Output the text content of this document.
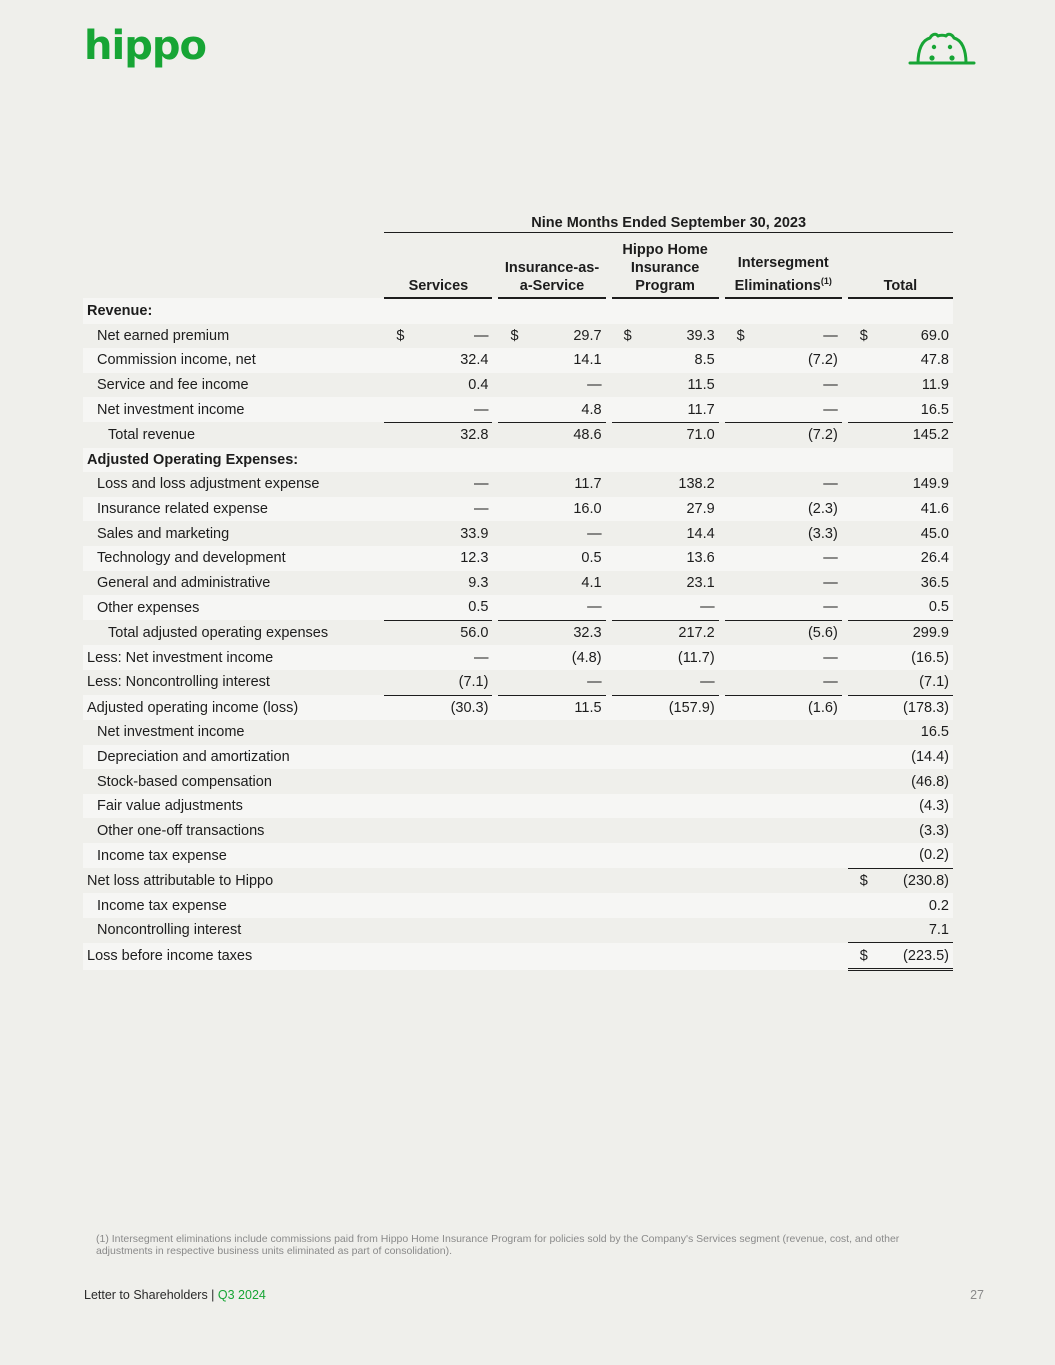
hippo
	Nine Months Ended September 30, 2023								
	Services		Insurance-as-a-Service		Hippo Home Insurance Program		Intersegment Eliminations$^{(1)}$		Total
Revenue:									
Net earned premium	$ —		$ 29.7		$ 39.3		$ —		$ 69.0
Commission income, net	32.4		14.1		8.5		(7.2)		47.8
Service and fee income	0.4		—		11.5		—		11.9
Net investment income	—		4.8		11.7		—		16.5
Total revenue	32.8		48.6		71.0		(7.2)		145.2
Adjusted Operating Expenses:									
Loss and loss adjustment expense	—		11.7		138.2		—		149.9
Insurance related expense	—		16.0		27.9		(2.3)		41.6
Sales and marketing	33.9		—		14.4		(3.3)		45.0
Technology and development	12.3		0.5		13.6		—		26.4
General and administrative	9.3		4.1		23.1		—		36.5
Other expenses	0.5		—		—		—		0.5
Total adjusted operating expenses	56.0		32.3		217.2		(5.6)		299.9
Less: Net investment income	—		(4.8)		(11.7)		—		(16.5)
Less: Noncontrolling interest	(7.1)		—		—		—		(7.1)
Adjusted operating income (loss)	(30.3)		11.5		(157.9)		(1.6)		(178.3)
Net investment income									16.5
Depreciation and amortization									(14.4)
Stock-based compensation									(46.8)
Fair value adjustments									(4.3)
Other one-off transactions									(3.3)
Income tax expense									(0.2)
Net loss attributable to Hippo									$ (230.8)
Income tax expense									0.2
Noncontrolling interest									7.1
Loss before income taxes									$ (223.5)
(1) Intersegment eliminations include commissions paid from Hippo Home Insurance Program for policies sold by the Company's Services segment (revenue, cost, and other adjustments in respective business units eliminated as part of consolidation).
Letter to Shareholders | Q3 2024	27
